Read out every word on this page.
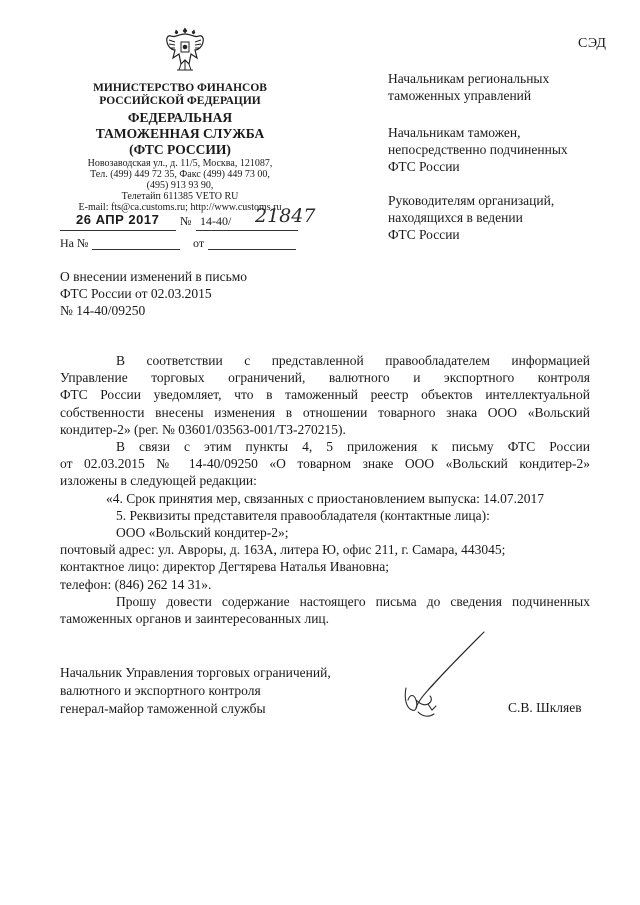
СЭД
МИНИСТЕРСТВО ФИНАНСОВ
РОССИЙСКОЙ ФЕДЕРАЦИИ
ФЕДЕРАЛЬНАЯ
ТАМОЖЕННАЯ СЛУЖБА
(ФТС РОССИИ)
Новозаводская ул., д. 11/5, Москва, 121087,
Тел. (499) 449 72 35, Факс (499) 449 73 00,
(495) 913 93 90,
Телетайп 611385 VETO RU
E-mail: fts@ca.customs.ru; http://www.customs.ru
26 АПР 2017 № 14-40/ 21847
На №	от
Начальникам региональных
таможенных управлений
Начальникам таможен,
непосредственно подчиненных
ФТС России
Руководителям организаций,
находящихся в ведении
ФТС России
О внесении изменений в письмо
ФТС России от 02.03.2015
№ 14-40/09250
В соответствии с представленной правообладателем информацией
Управление торговых ограничений, валютного и экспортного контроля
ФТС России уведомляет, что в таможенный реестр объектов интеллектуальной
собственности внесены изменения в отношении товарного знака ООО «Вольский
кондитер-2» (рег. № 03601/03563-001/ТЗ-270215).
В связи с этим пункты 4, 5 приложения к письму ФТС России
от 02.03.2015 № 14-40/09250 «О товарном знаке ООО «Вольский кондитер-2»
изложены в следующей редакции:
«4. Срок принятия мер, связанных с приостановлением выпуска: 14.07.2017
5. Реквизиты представителя правообладателя (контактные лица):
ООО «Вольский кондитер-2»;
почтовый адрес: ул. Авроры, д. 163А, литера Ю, офис 211, г. Самара, 443045;
контактное лицо: директор Дегтярева Наталья Ивановна;
телефон: (846) 262 14 31».
Прошу довести содержание настоящего письма до сведения подчиненных
таможенных органов и заинтересованных лиц.
Начальник Управления торговых ограничений,
валютного и экспортного контроля
генерал-майор таможенной службы	С.В. Шкляев
